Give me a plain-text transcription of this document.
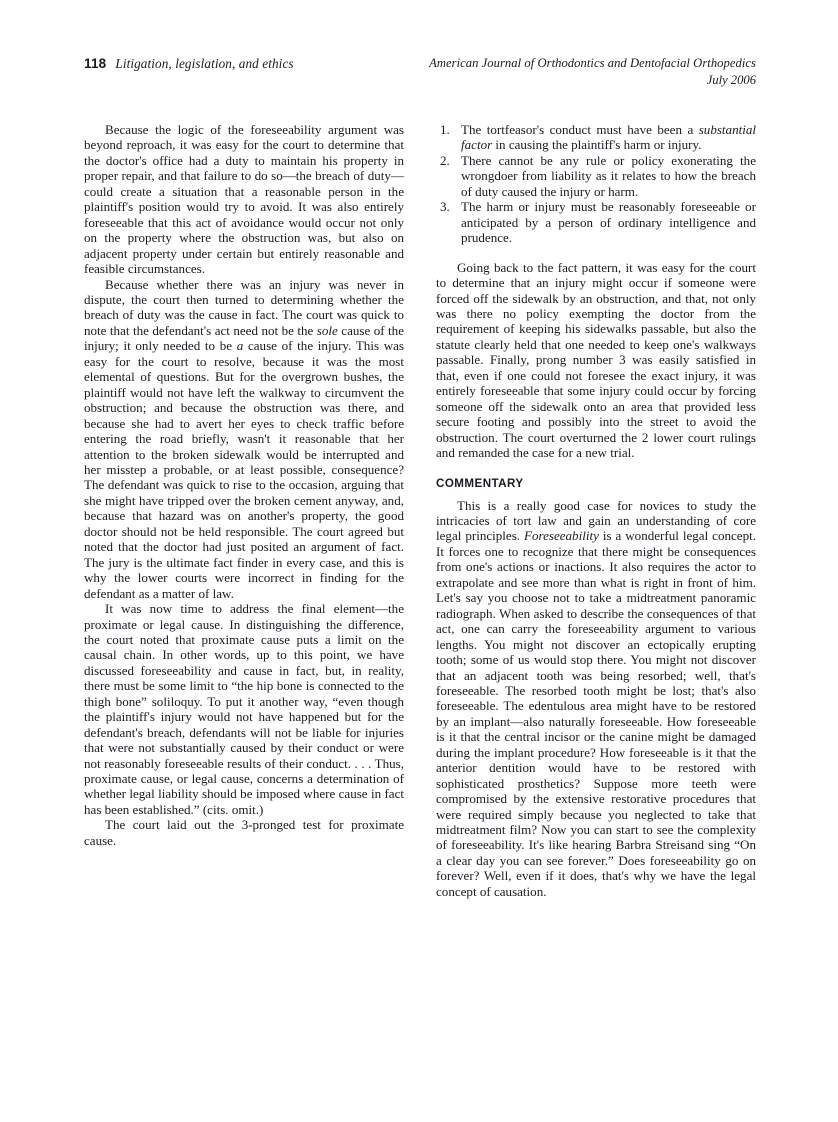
118 Litigation, legislation, and ethics	American Journal of Orthodontics and Dentofacial Orthopedics
July 2006

Because the logic of the foreseeability argument was beyond reproach, it was easy for the court to determine that the doctor's office had a duty to maintain his property in proper repair, and that failure to do so—the breach of duty— could create a situation that a reasonable person in the plaintiff's position would try to avoid. It was also entirely foreseeable that this act of avoidance would occur not only on the property where the obstruction was, but also on adjacent property under certain but entirely reasonable and feasible circumstances.

Because whether there was an injury was never in dispute, the court then turned to determining whether the breach of duty was the cause in fact. The court was quick to note that the defendant's act need not be the sole cause of the injury; it only needed to be a cause of the injury. This was easy for the court to resolve, because it was the most elemental of questions. But for the overgrown bushes, the plaintiff would not have left the walkway to circumvent the obstruction; and because the obstruction was there, and because she had to avert her eyes to check traffic before entering the road briefly, wasn't it reasonable that her attention to the broken sidewalk would be interrupted and her misstep a probable, or at least possible, consequence? The defendant was quick to rise to the occasion, arguing that she might have tripped over the broken cement anyway, and, because that hazard was on another's property, the good doctor should not be held responsible. The court agreed but noted that the doctor had just posited an argument of fact. The jury is the ultimate fact finder in every case, and this is why the lower courts were incorrect in finding for the defendant as a matter of law.

It was now time to address the final element—the proximate or legal cause. In distinguishing the difference, the court noted that proximate cause puts a limit on the causal chain. In other words, up to this point, we have discussed foreseeability and cause in fact, but, in reality, there must be some limit to “the hip bone is connected to the thigh bone” soliloquy. To put it another way, “even though the plaintiff's injury would not have happened but for the defendant's breach, defendants will not be liable for injuries that were not substantially caused by their conduct or were not reasonably foreseeable results of their conduct. . . . Thus, proximate cause, or legal cause, concerns a determination of whether legal liability should be imposed where cause in fact has been established.” (cits. omit.)

The court laid out the 3-pronged test for proximate cause.

The tortfeasor's conduct must have been a substantial factor in causing the plaintiff's harm or injury.
There cannot be any rule or policy exonerating the wrongdoer from liability as it relates to how the breach of duty caused the injury or harm.
The harm or injury must be reasonably foreseeable or anticipated by a person of ordinary intelligence and prudence.

Going back to the fact pattern, it was easy for the court to determine that an injury might occur if someone were forced off the sidewalk by an obstruction, and that, not only was there no policy exempting the doctor from the requirement of keeping his sidewalks passable, but also the statute clearly held that one needed to keep one's walkways passable. Finally, prong number 3 was easily satisfied in that, even if one could not foresee the exact injury, it was entirely foreseeable that some injury could occur by forcing someone off the sidewalk onto an area that provided less secure footing and possibly into the street to avoid the obstruction. The court overturned the 2 lower court rulings and remanded the case for a new trial.

COMMENTARY

This is a really good case for novices to study the intricacies of tort law and gain an understanding of core legal principles. Foreseeability is a wonderful legal concept. It forces one to recognize that there might be consequences from one's actions or inactions. It also requires the actor to extrapolate and see more than what is right in front of him. Let's say you choose not to take a midtreatment panoramic radiograph. When asked to describe the consequences of that act, one can carry the foreseeability argument to various lengths. You might not discover an ectopically erupting tooth; some of us would stop there. You might not discover that an adjacent tooth was being resorbed; well, that's foreseeable. The resorbed tooth might be lost; that's also foreseeable. The edentulous area might have to be restored by an implant—also naturally foreseeable. How foreseeable is it that the central incisor or the canine might be damaged during the implant procedure? How foreseeable is it that the anterior dentition would have to be restored with sophisticated prosthetics? Suppose more teeth were compromised by the extensive restorative procedures that were required simply because you neglected to take that midtreatment film? Now you can start to see the complexity of foreseeability. It's like hearing Barbra Streisand sing “On a clear day you can see forever.” Does foreseeability go on forever? Well, even if it does, that's why we have the legal concept of causation.
